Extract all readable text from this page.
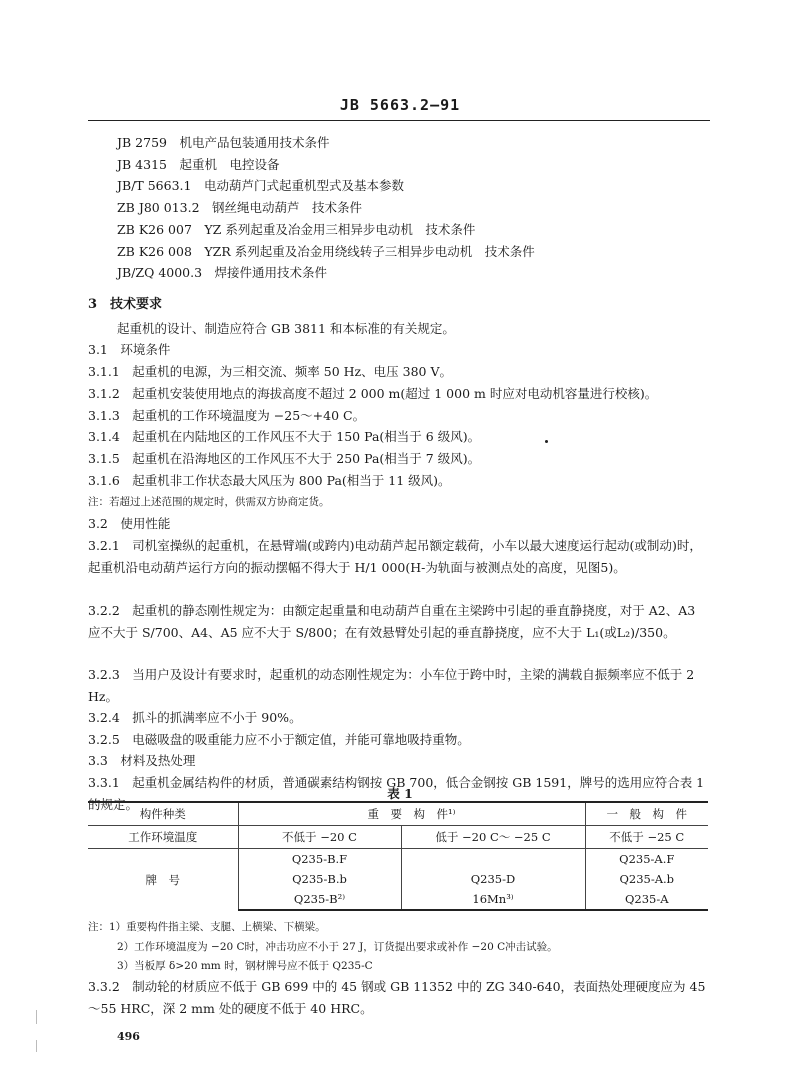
JB 5663.2—91
JB 2759　机电产品包装通用技术条件
JB 4315　起重机　电控设备
JB/T 5663.1　电动葫芦门式起重机型式及基本参数
ZB J80 013.2　钢丝绳电动葫芦　技术条件
ZB K26 007　YZ 系列起重及冶金用三相异步电动机　技术条件
ZB K26 008　YZR 系列起重及冶金用绕线转子三相异步电动机　技术条件
JB/ZQ 4000.3　焊接件通用技术条件
3　技术要求
起重机的设计、制造应符合 GB 3811 和本标准的有关规定。
3.1　环境条件
3.1.1　起重机的电源，为三相交流、频率 50 Hz、电压 380 V。
3.1.2　起重机安装使用地点的海拔高度不超过 2 000 m(超过 1 000 m 时应对电动机容量进行校核)。
3.1.3　起重机的工作环境温度为 −25～+40 C。
3.1.4　起重机在内陆地区的工作风压不大于 150 Pa(相当于 6 级风)。
3.1.5　起重机在沿海地区的工作风压不大于 250 Pa(相当于 7 级风)。
3.1.6　起重机非工作状态最大风压为 800 Pa(相当于 11 级风)。
注：若超过上述范围的规定时，供需双方协商定货。
3.2　使用性能
3.2.1　司机室操纵的起重机，在悬臂端(或跨内)电动葫芦起吊额定载荷，小车以最大速度运行起动(或制动)时，起重机沿电动葫芦运行方向的振动摆幅不得大于 H/1 000(H-为轨面与被测点处的高度，见图5)。
3.2.2　起重机的静态刚性规定为：由额定起重量和电动葫芦自重在主梁跨中引起的垂直静挠度，对于 A2、A3 应不大于 S/700、A4、A5 应不大于 S/800；在有效悬臂处引起的垂直静挠度，应不大于 L₁(或L₂)/350。
3.2.3　当用户及设计有要求时，起重机的动态刚性规定为：小车位于跨中时，主梁的满载自振频率应不低于 2 Hz。
3.2.4　抓斗的抓满率应不小于 90%。
3.2.5　电磁吸盘的吸重能力应不小于额定值，并能可靠地吸持重物。
3.3　材料及热处理
3.3.1　起重机金属结构件的材质，普通碳素结构钢按 GB 700，低合金钢按 GB 1591，牌号的选用应符合表 1 的规定。
表 1
构件种类	重　要　构　件¹⁾		一　般　构　件
工作环境温度	不低于 −20 C	低于 −20 C～ −25 C	不低于 −25 C
牌　号	Q235-B.F		Q235-A.F
	Q235-B.b	Q235-D	Q235-A.b
	Q235-B²⁾	16Mn³⁾	Q235-A
注：1）重要构件指主梁、支腿、上横梁、下横梁。
2）工作环境温度为 −20 C时，冲击功应不小于 27 J，订货提出要求或补作 −20 C冲击试验。
3）当板厚 δ>20 mm 时，钢材牌号应不低于 Q235-C
3.3.2　制动轮的材质应不低于 GB 699 中的 45 钢或 GB 11352 中的 ZG 340-640，表面热处理硬度应为 45～55 HRC，深 2 mm 处的硬度不低于 40 HRC。
496
